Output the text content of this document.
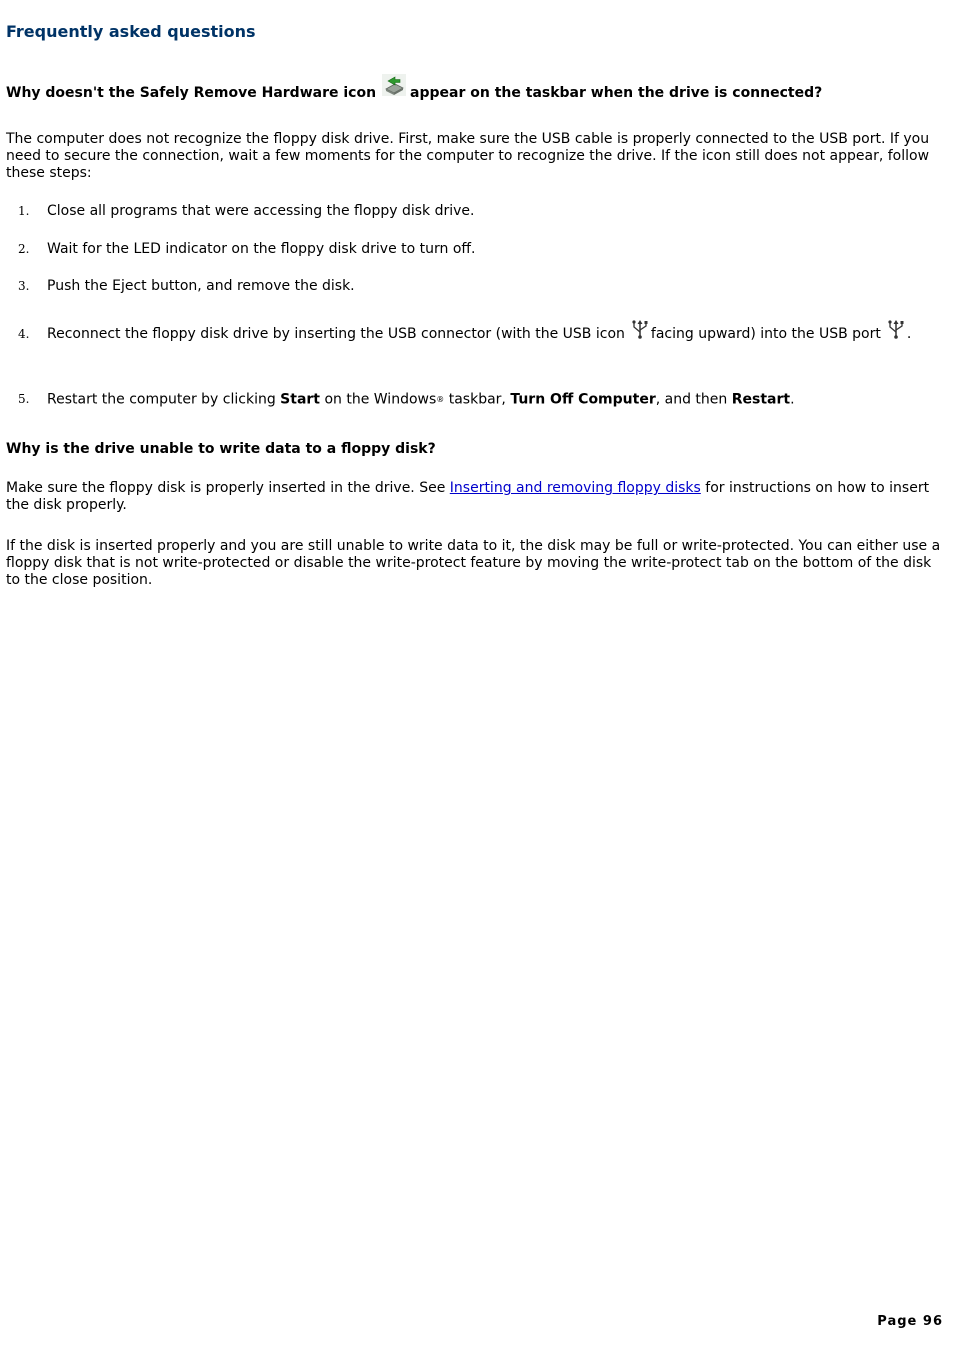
Frequently asked questions

Why doesn't the Safely Remove Hardware icon appear on the taskbar when the drive is connected?

The computer does not recognize the floppy disk drive. First, make sure the USB cable is properly connected to the USB port. If you need to secure the connection, wait a few moments for the computer to recognize the drive. If the icon still does not appear, follow these steps:

1. Close all programs that were accessing the floppy disk drive.
2. Wait for the LED indicator on the floppy disk drive to turn off.
3. Push the Eject button, and remove the disk.
4. Reconnect the floppy disk drive by inserting the USB connector (with the USB icon facing upward) into the USB port .
5. Restart the computer by clicking Start on the Windows® taskbar, Turn Off Computer, and then Restart.

Why is the drive unable to write data to a floppy disk?

Make sure the floppy disk is properly inserted in the drive. See Inserting and removing floppy disks for instructions on how to insert the disk properly.

If the disk is inserted properly and you are still unable to write data to it, the disk may be full or write-protected. You can either use a floppy disk that is not write-protected or disable the write-protect feature by moving the write-protect tab on the bottom of the disk to the close position.

Page 96
